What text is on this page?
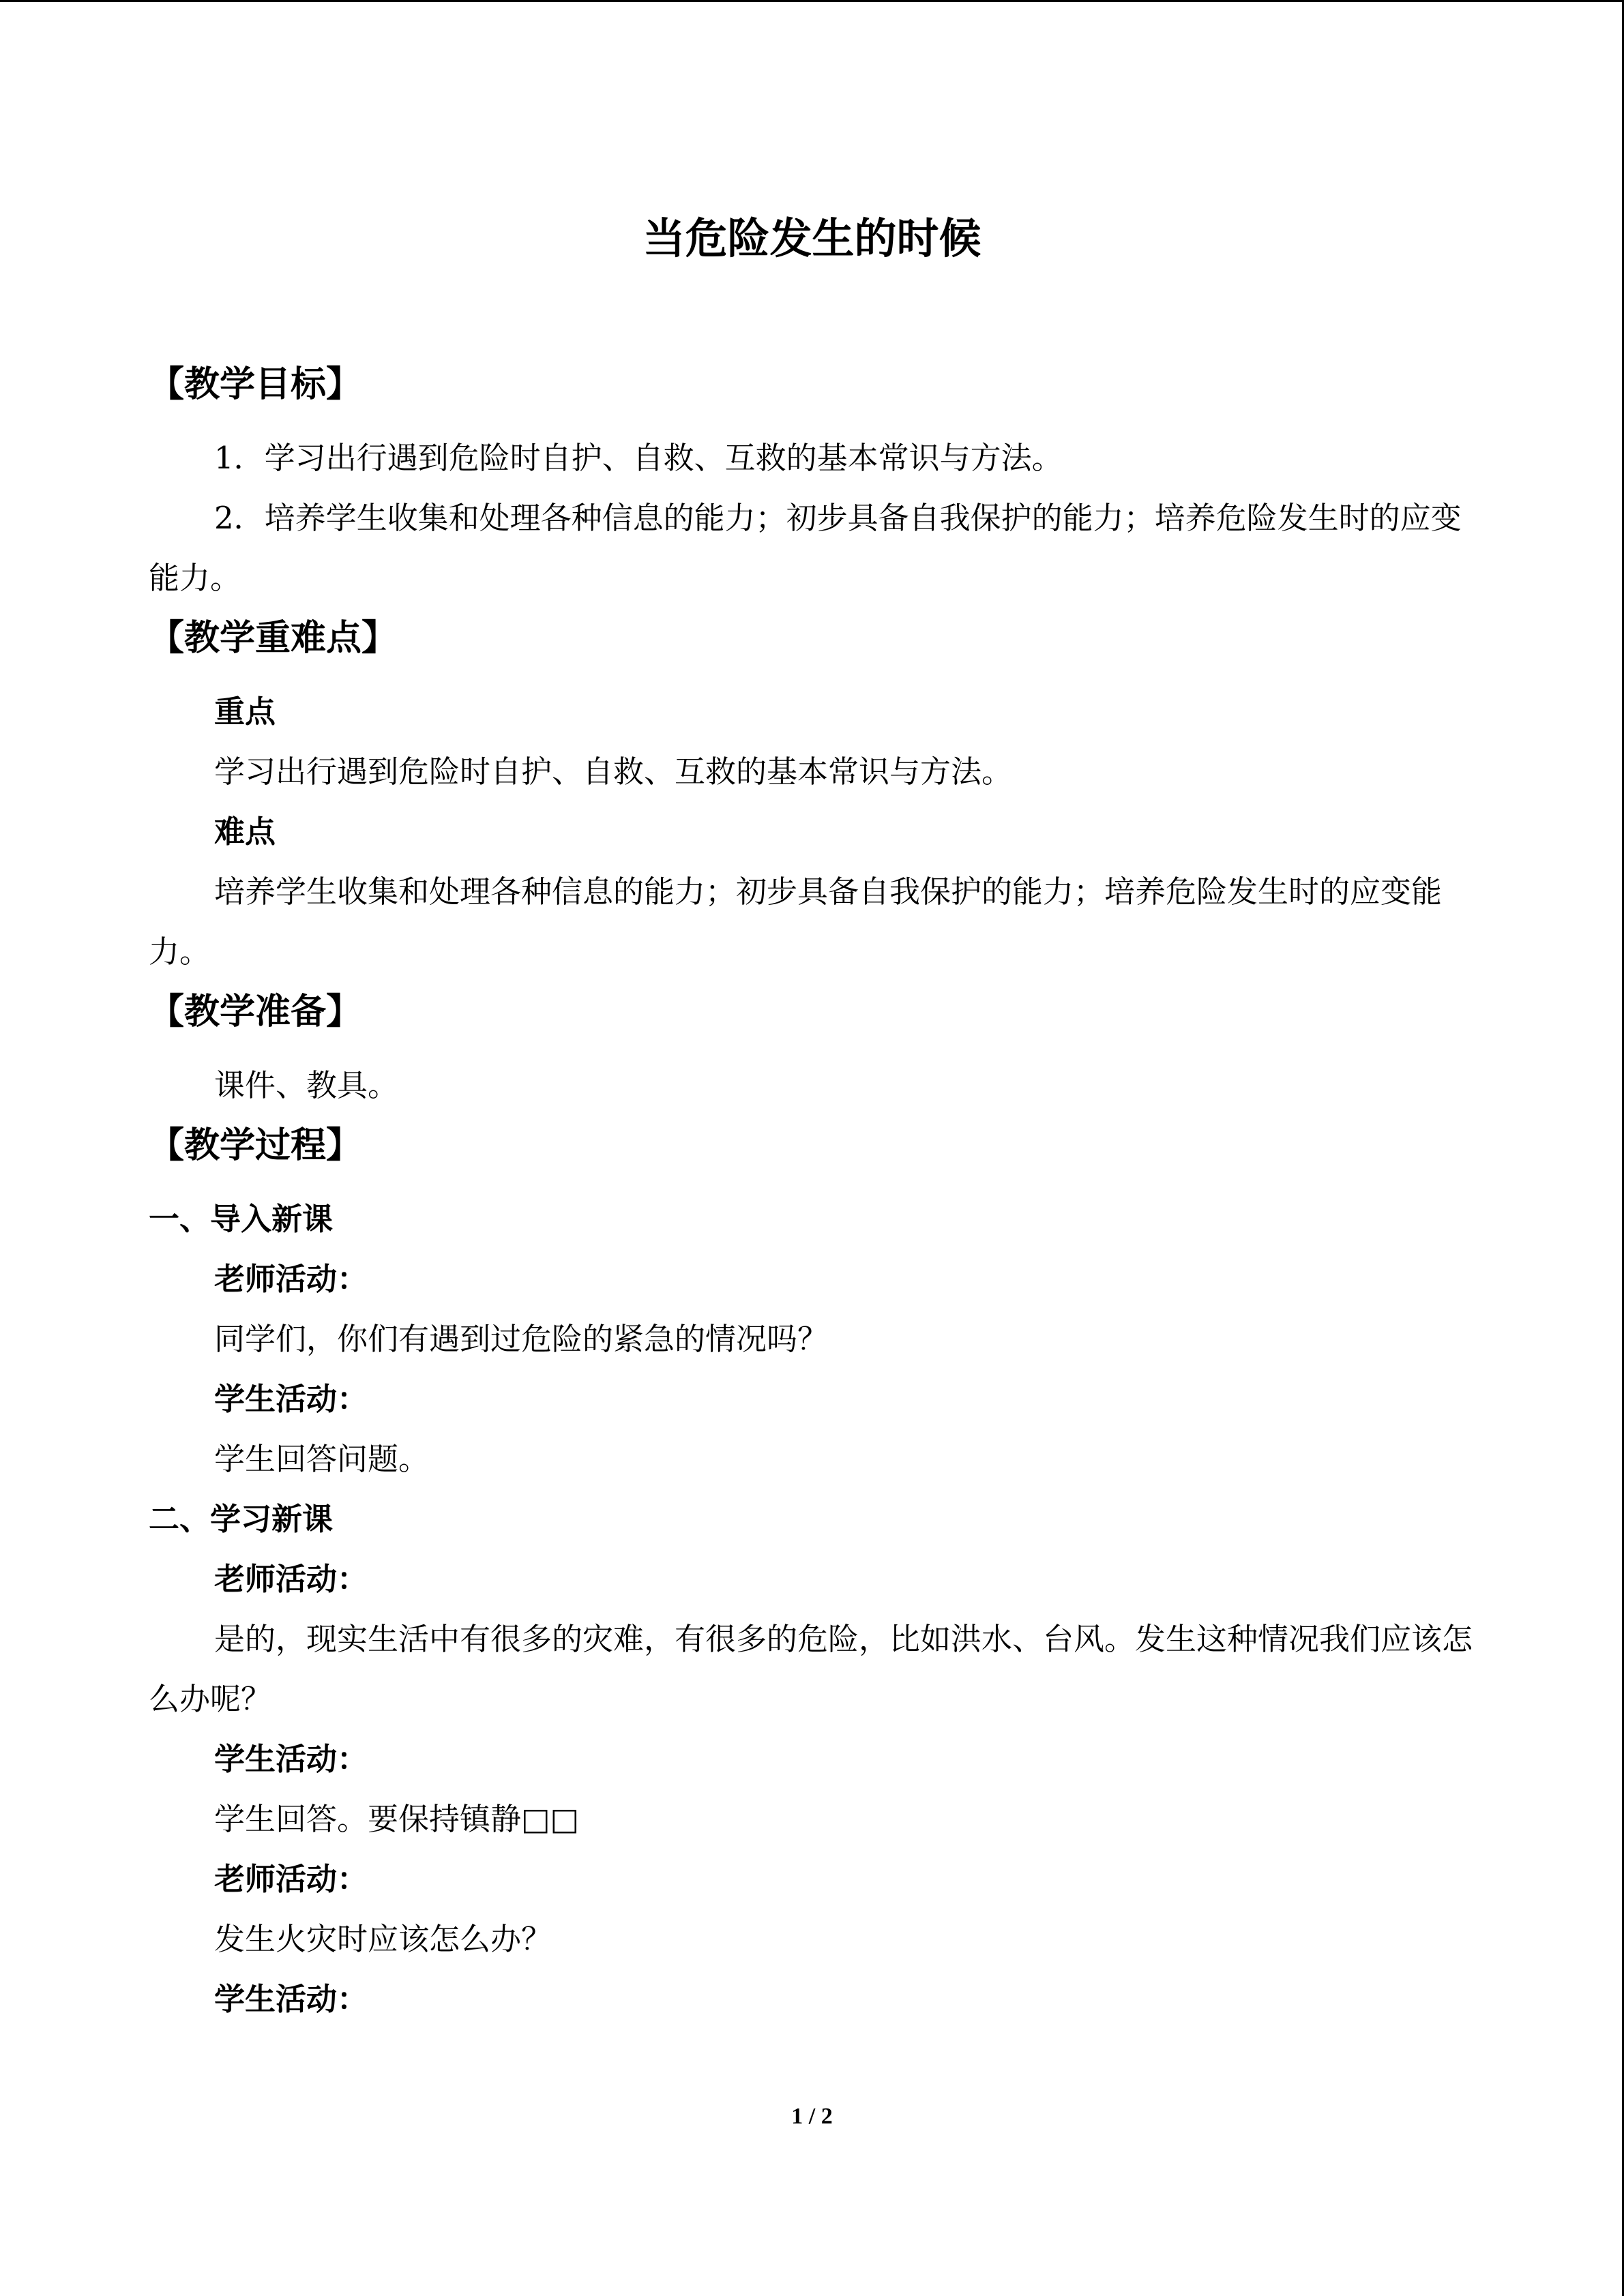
当危险发生的时候
【教学目标】

1．学习出行遇到危险时自护、自救、互救的基本常识与方法。

2．培养学生收集和处理各种信息的能力；初步具备自我保护的能力；培养危险发生时的应变能力。

【教学重难点】

重点

学习出行遇到危险时自护、自救、互救的基本常识与方法。

难点

培养学生收集和处理各种信息的能力；初步具备自我保护的能力；培养危险发生时的应变能力。

【教学准备】

课件、教具。

【教学过程】
一、导入新课

老师活动：

同学们，你们有遇到过危险的紧急的情况吗？

学生活动：

学生回答问题。

二、学习新课

老师活动：

是的，现实生活中有很多的灾难，有很多的危险，比如洪水、台风。发生这种情况我们应该怎么办呢？

学生活动：

学生回答。要保持镇静□□

老师活动：

发生火灾时应该怎么办？

学生活动：

1 / 2
